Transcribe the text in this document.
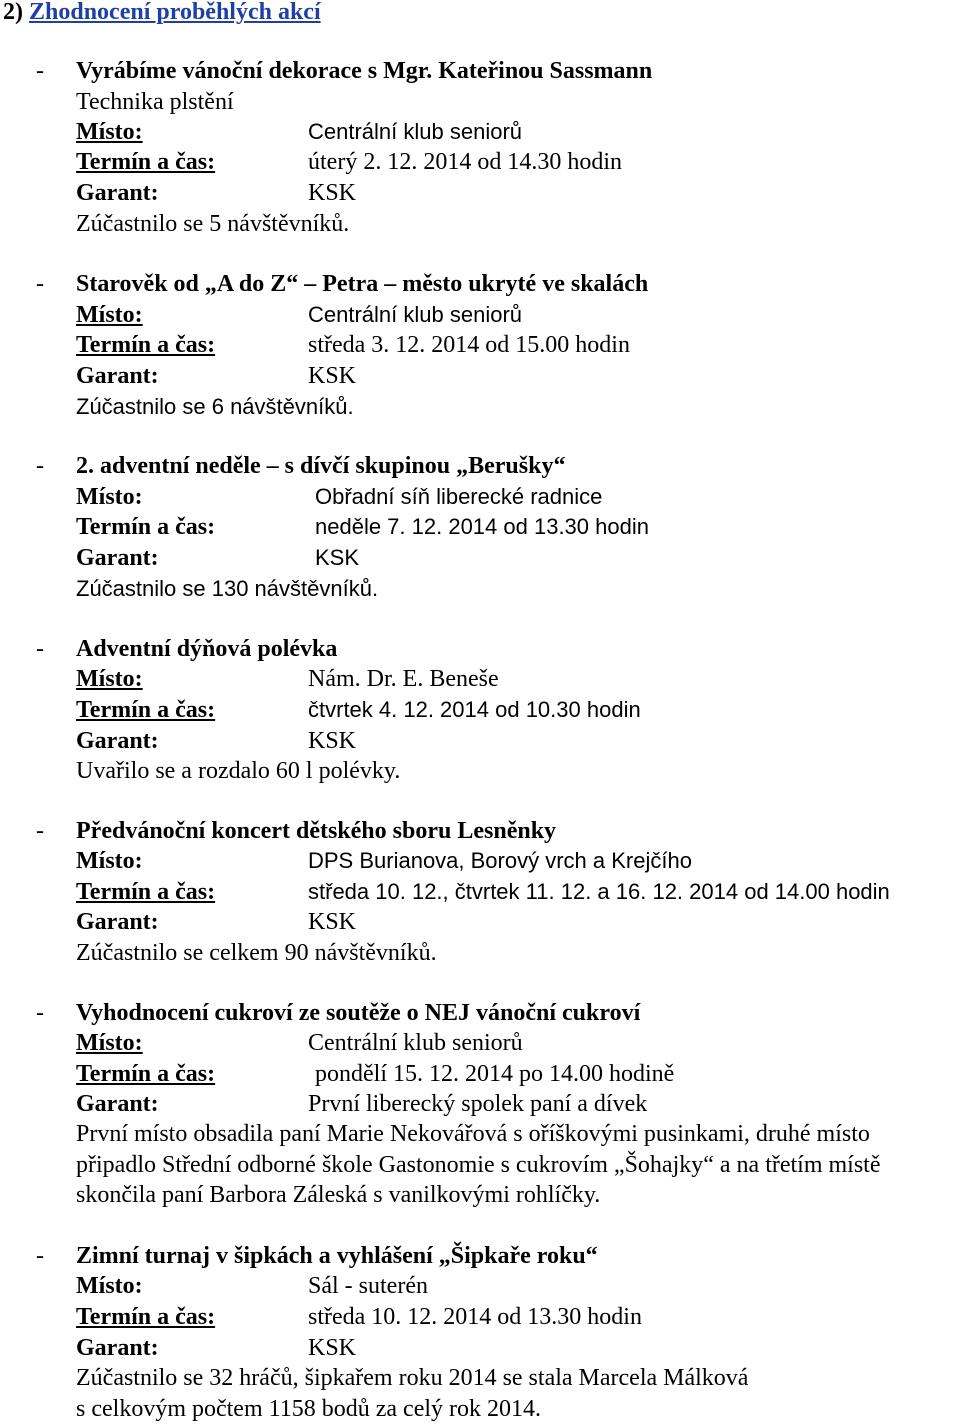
2) Zhodnocení proběhlých akcí
- Vyrábíme vánoční dekorace s Mgr. Kateřinou Sassmann
Technika plstění
Místo:	Centrální klub seniorů
Termín a čas:	úterý 2. 12. 2014 od 14.30 hodin
Garant:	KSK
Zúčastnilo se 5 návštěvníků.
- Starověk od „A do Z“ – Petra – město ukryté ve skalách
Místo:	Centrální klub seniorů
Termín a čas:	středa 3. 12. 2014 od 15.00 hodin
Garant:	KSK
Zúčastnilo se 6 návštěvníků.
- 2. adventní neděle – s dívčí skupinou „Berušky“
Místo:	Obřadní síň liberecké radnice
Termín a čas:	neděle 7. 12. 2014 od 13.30 hodin
Garant:	KSK
Zúčastnilo se 130 návštěvníků.
- Adventní dýňová polévka
Místo:	Nám. Dr. E. Beneše
Termín a čas:	čtvrtek 4. 12. 2014 od 10.30 hodin
Garant:	KSK
Uvařilo se a rozdalo 60 l polévky.
- Předvánoční koncert dětského sboru Lesněnky
Místo:	DPS Burianova, Borový vrch a Krejčího
Termín a čas:	středa 10. 12., čtvrtek 11. 12. a 16. 12. 2014 od 14.00 hodin
Garant:	KSK
Zúčastnilo se celkem 90 návštěvníků.
- Vyhodnocení cukroví ze soutěže o NEJ vánoční cukroví
Místo:	Centrální klub seniorů
Termín a čas:	pondělí 15. 12. 2014 po 14.00 hodině
Garant:	První liberecký spolek paní a dívek
První místo obsadila paní Marie Nekovářová s oříškovými pusinkami, druhé místo
připadlo Střední odborné škole Gastonomie s cukrovím „Šohajky“ a na třetím místě
skončila paní Barbora Záleská s vanilkovými rohlíčky.
- Zimní turnaj v šipkách a vyhlášení „Šipkaře roku“
Místo:	Sál - suterén
Termín a čas:	středa 10. 12. 2014 od 13.30 hodin
Garant:	KSK
Zúčastnilo se 32 hráčů, šipkařem roku 2014 se stala Marcela Málková
s celkovým počtem 1158 bodů za celý rok 2014.
